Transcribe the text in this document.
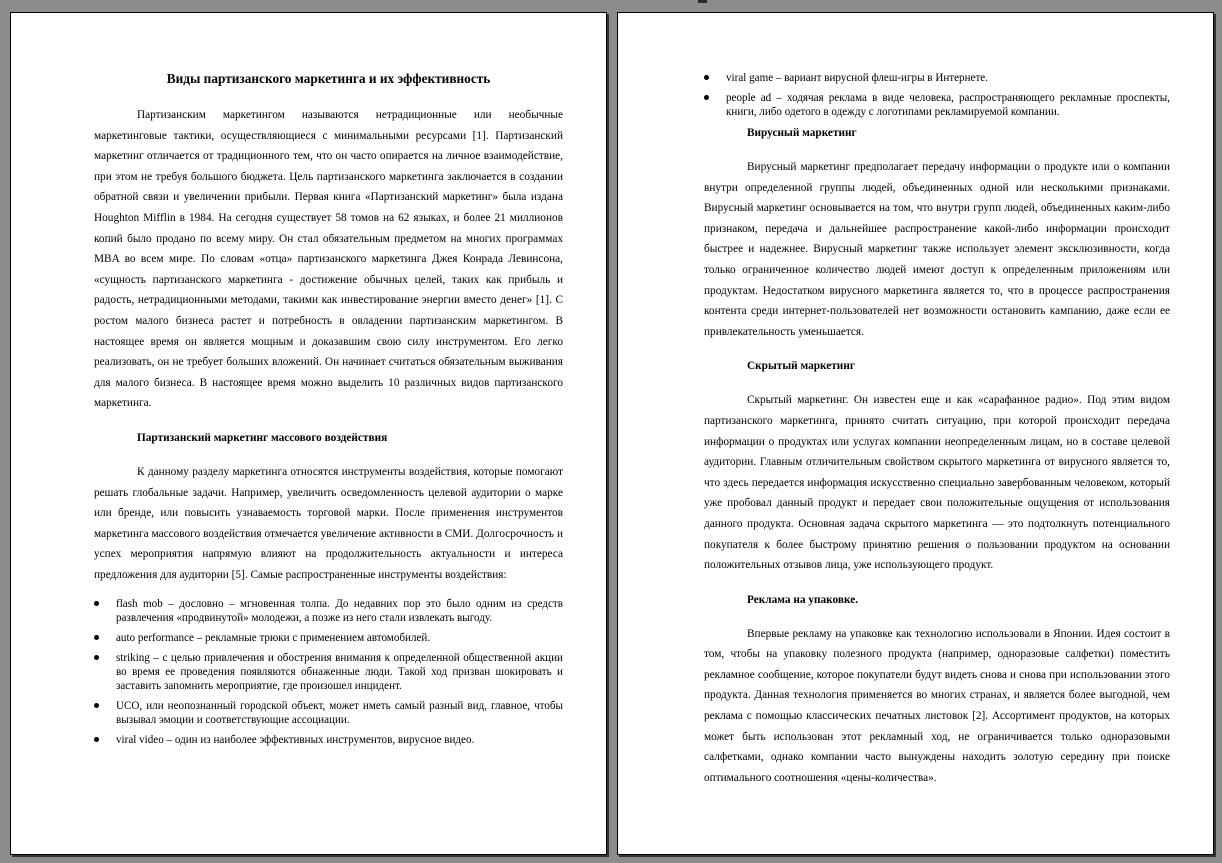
Виды партизанского маркетинга и их эффективность

Партизанским маркетингом называются нетрадиционные или необычные маркетинговые тактики, осуществляющиеся с минимальными ресурсами [1]. Партизанский маркетинг отличается от традиционного тем, что он часто опирается на личное взаимодействие, при этом не требуя большого бюджета. Цель партизанского маркетинга заключается в создании обратной связи и увеличении прибыли. Первая книга «Партизанский маркетинг» была издана Houghton Mifflin в 1984. На сегодня существует 58 томов на 62 языках, и более 21 миллионов копий было продано по всему миру. Он стал обязательным предметом на многих программах MBA во всем мире. По словам «отца» партизанского маркетинга Джея Конрада Левинсона, «сущность партизанского маркетинга - достижение обычных целей, таких как прибыль и радость, нетрадиционными методами, такими как инвестирование энергии вместо денег» [1]. С ростом малого бизнеса растет и потребность в овладении партизанским маркетингом. В настоящее время он является мощным и доказавшим свою силу инструментом. Его легко реализовать, он не требует больших вложений. Он начинает считаться обязательным выживания для малого бизнеса. В настоящее время можно выделить 10 различных видов партизанского маркетинга.

Партизанский маркетинг массового воздействия

К данному разделу маркетинга относятся инструменты воздействия, которые помогают решать глобальные задачи. Например, увеличить осведомленность целевой аудитории о марке или бренде, или повысить узнаваемость торговой марки. После применения инструментов маркетинга массового воздействия отмечается увеличение активности в СМИ. Долгосрочность и успех мероприятия напрямую влияют на продолжительность актуальности и интереса предложения для аудитории [5]. Самые распространенные инструменты воздействия:

flash mob – дословно – мгновенная толпа. До недавних пор это было одним из средств развлечения «продвинутой» молодежи, а позже из него стали извлекать выгоду.
auto performance – рекламные трюки с применением автомобилей.
striking – с целью привлечения и обострения внимания к определенной общественной акции во время ее проведения появляются обнаженные люди. Такой ход призван шокировать и заставить запомнить мероприятие, где произошел инцидент.
UCO, или неопознанный городской объект, может иметь самый разный вид, главное, чтобы вызывал эмоции и соответствующие ассоциации.
viral video – один из наиболее эффективных инструментов, вирусное видео.
viral game – вариант вирусной флеш-игры в Интернете.
people ad – ходячая реклама в виде человека, распространяющего рекламные проспекты, книги, либо одетого в одежду с логотипами рекламируемой компании.
Вирусный маркетинг

Вирусный маркетинг предполагает передачу информации о продукте или о компании внутри определенной группы людей, объединенных одной или несколькими признаками. Вирусный маркетинг основывается на том, что внутри групп людей, объединенных каким-либо признаком, передача и дальнейшее распространение какой-либо информации происходит быстрее и надежнее. Вирусный маркетинг также использует элемент эксклюзивности, когда только ограниченное количество людей имеют доступ к определенным приложениям или продуктам. Недостатком вирусного маркетинга является то, что в процессе распространения контента среди интернет-пользователей нет возможности остановить кампанию, даже если ее привлекательность уменьшается.

Скрытый маркетинг

Скрытый маркетинг. Он известен еще и как «сарафанное радио». Под этим видом партизанского маркетинга, принято считать ситуацию, при которой происходит передача информации о продуктах или услугах компании неопределенным лицам, но в составе целевой аудитории. Главным отличительным свойством скрытого маркетинга от вирусного является то, что здесь передается информация искусственно специально завербованным человеком, который уже пробовал данный продукт и передает свои положительные ощущения от использования данного продукта. Основная задача скрытого маркетинга — это подтолкнуть потенциального покупателя к более быстрому принятию решения о пользовании продуктом на основании положительных отзывов лица, уже использующего продукт.

Реклама на упаковке.

Впервые рекламу на упаковке как технологию использовали в Японии. Идея состоит в том, чтобы на упаковку полезного продукта (например, одноразовые салфетки) поместить рекламное сообщение, которое покупатели будут видеть снова и снова при использовании этого продукта. Данная технология применяется во многих странах, и является более выгодной, чем реклама с помощью классических печатных листовок [2]. Ассортимент продуктов, на которых может быть использован этот рекламный ход, не ограничивается только одноразовыми салфетками, однако компании часто вынуждены находить золотую середину при поиске оптимального соотношения «цены-количества».
